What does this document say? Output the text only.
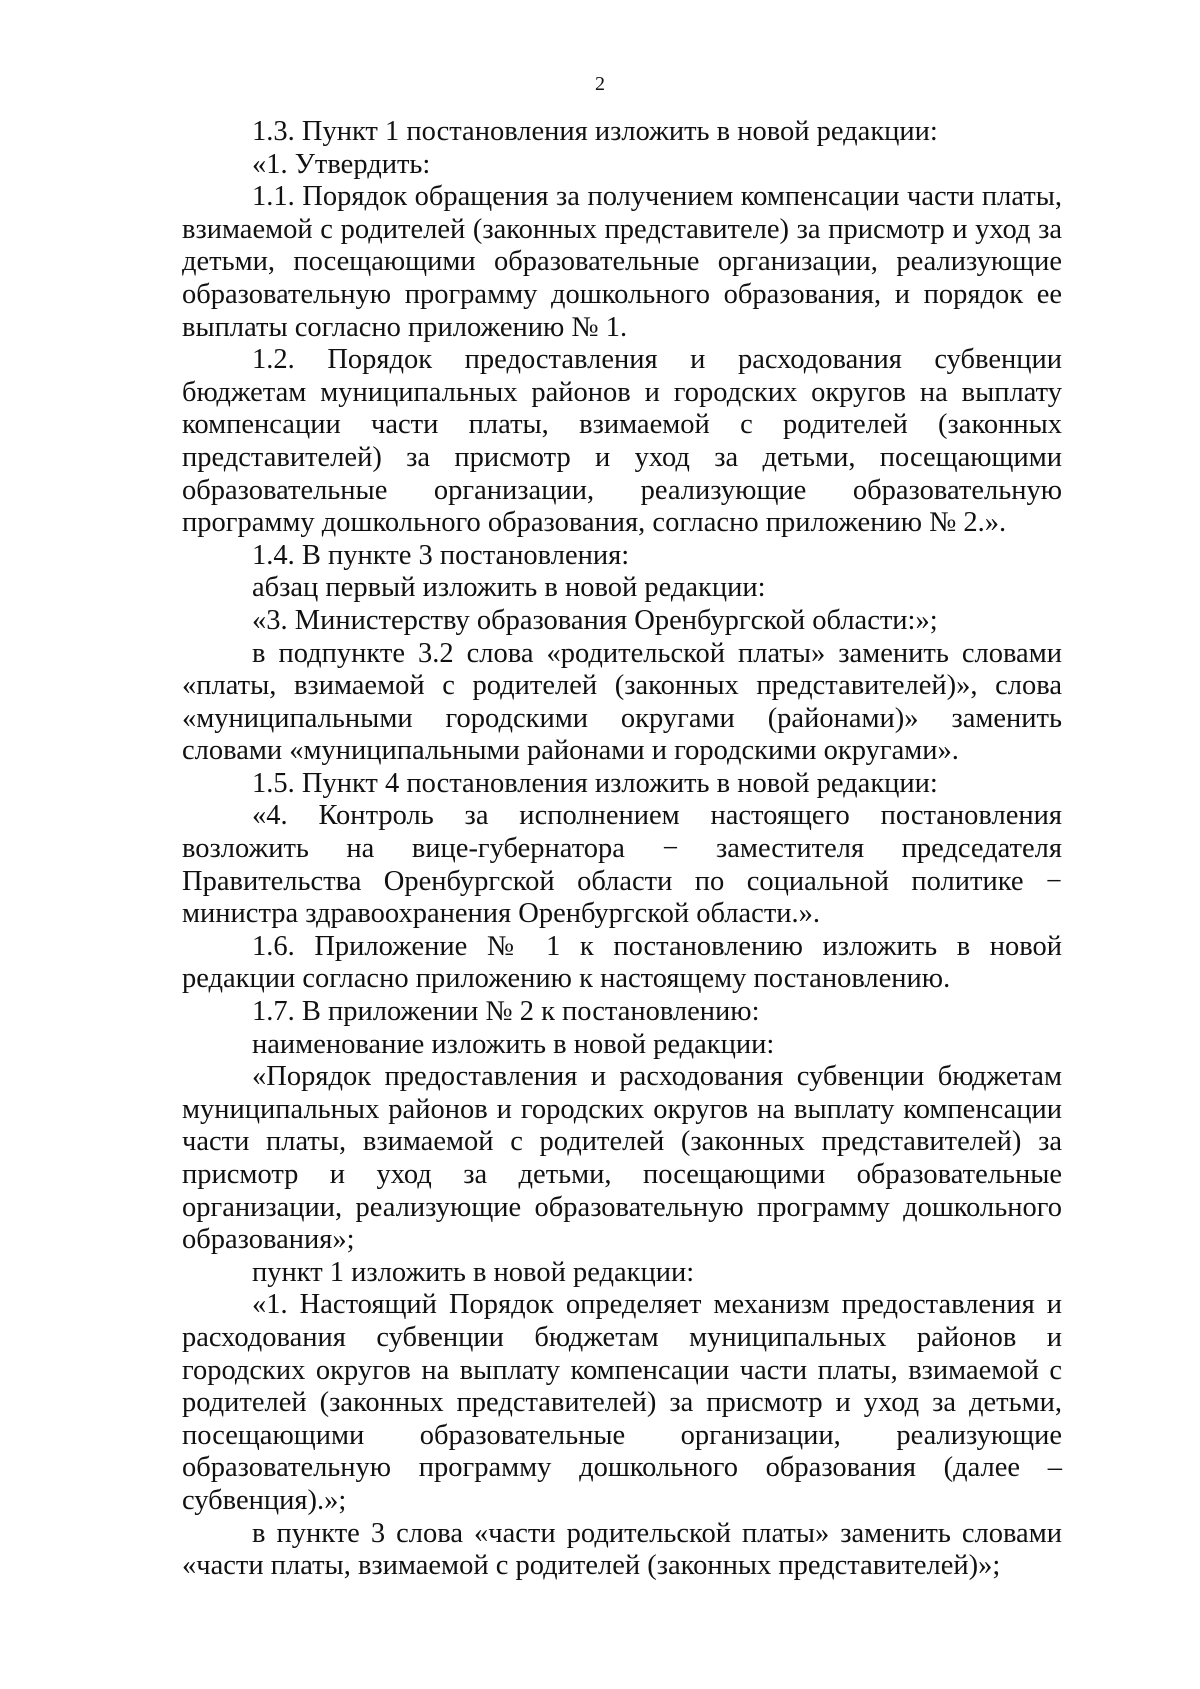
2

1.3. Пункт 1 постановления изложить в новой редакции:

«1. Утвердить:

1.1. Порядок обращения за получением компенсации части платы, взимаемой с родителей (законных представителе) за присмотр и уход за детьми, посещающими образовательные организации, реализующие образовательную программу дошкольного образования, и порядок ее выплаты согласно приложению № 1.

1.2. Порядок предоставления и расходования субвенции бюджетам муниципальных районов и городских округов на выплату компенсации части платы, взимаемой с родителей (законных представителей) за присмотр и уход за детьми, посещающими образовательные организации, реализующие образовательную программу дошкольного образования, согласно приложению № 2.».

1.4. В пункте 3 постановления:

абзац первый изложить в новой редакции:

«3. Министерству образования Оренбургской области:»;

в подпункте 3.2 слова «родительской платы» заменить словами «платы, взимаемой с родителей (законных представителей)», слова «муниципальными городскими округами (районами)» заменить словами «муниципальными районами и городскими округами».

1.5. Пункт 4 постановления изложить в новой редакции:

«4. Контроль за исполнением настоящего постановления возложить на вице-губернатора − заместителя председателя Правительства Оренбургской области по социальной политике − министра здравоохранения Оренбургской области.».

1.6. Приложение № 1 к постановлению изложить в новой редакции согласно приложению к настоящему постановлению.

1.7. В приложении № 2 к постановлению:

наименование изложить в новой редакции:

«Порядок предоставления и расходования субвенции бюджетам муниципальных районов и городских округов на выплату компенсации части платы, взимаемой с родителей (законных представителей) за присмотр и уход за детьми, посещающими образовательные организации, реализующие образовательную программу дошкольного образования»;

пункт 1 изложить в новой редакции:

«1. Настоящий Порядок определяет механизм предоставления и расходования субвенции бюджетам муниципальных районов и городских округов на выплату компенсации части платы, взимаемой с родителей (законных представителей) за присмотр и уход за детьми, посещающими образовательные организации, реализующие образовательную программу дошкольного образования (далее – субвенция).»;

в пункте 3 слова «части родительской платы» заменить словами «части платы, взимаемой с родителей (законных представителей)»;
